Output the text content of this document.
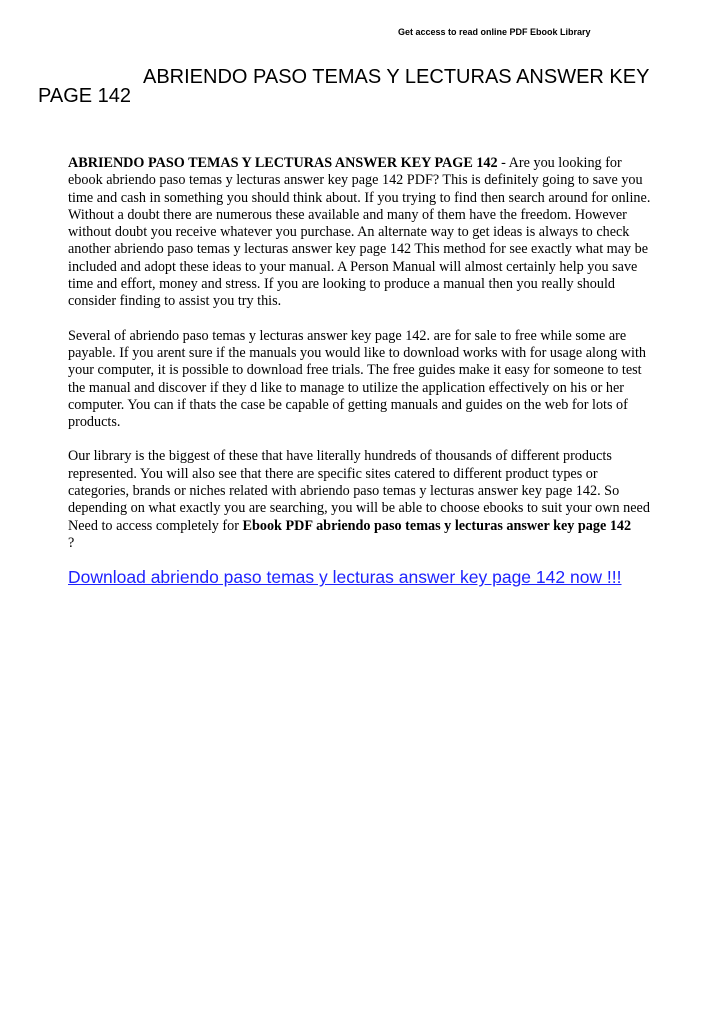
Get access to read online PDF Ebook Library
ABRIENDO PASO TEMAS Y LECTURAS ANSWER KEY
PAGE 142

ABRIENDO PASO TEMAS Y LECTURAS ANSWER KEY PAGE 142 - Are you looking for ebook abriendo paso temas y lecturas answer key page 142 PDF? This is definitely going to save you time and cash in something you should think about. If you trying to find then search around for online. Without a doubt there are numerous these available and many of them have the freedom. However without doubt you receive whatever you purchase. An alternate way to get ideas is always to check another abriendo paso temas y lecturas answer key page 142 This method for see exactly what may be included and adopt these ideas to your manual. A Person Manual will almost certainly help you save time and effort, money and stress. If you are looking to produce a manual then you really should consider finding to assist you try this.

Several of abriendo paso temas y lecturas answer key page 142. are for sale to free while some are payable. If you arent sure if the manuals you would like to download works with for usage along with your computer, it is possible to download free trials. The free guides make it easy for someone to test the manual and discover if they d like to manage to utilize the application effectively on his or her computer. You can if thats the case be capable of getting manuals and guides on the web for lots of products.

Our library is the biggest of these that have literally hundreds of thousands of different products represented. You will also see that there are specific sites catered to different product types or categories, brands or niches related with abriendo paso temas y lecturas answer key page 142. So depending on what exactly you are searching, you will be able to choose ebooks to suit your own need

Need to access completely for Ebook PDF abriendo paso temas y lecturas answer key page 142
?

Download abriendo paso temas y lecturas answer key page 142 now !!!
